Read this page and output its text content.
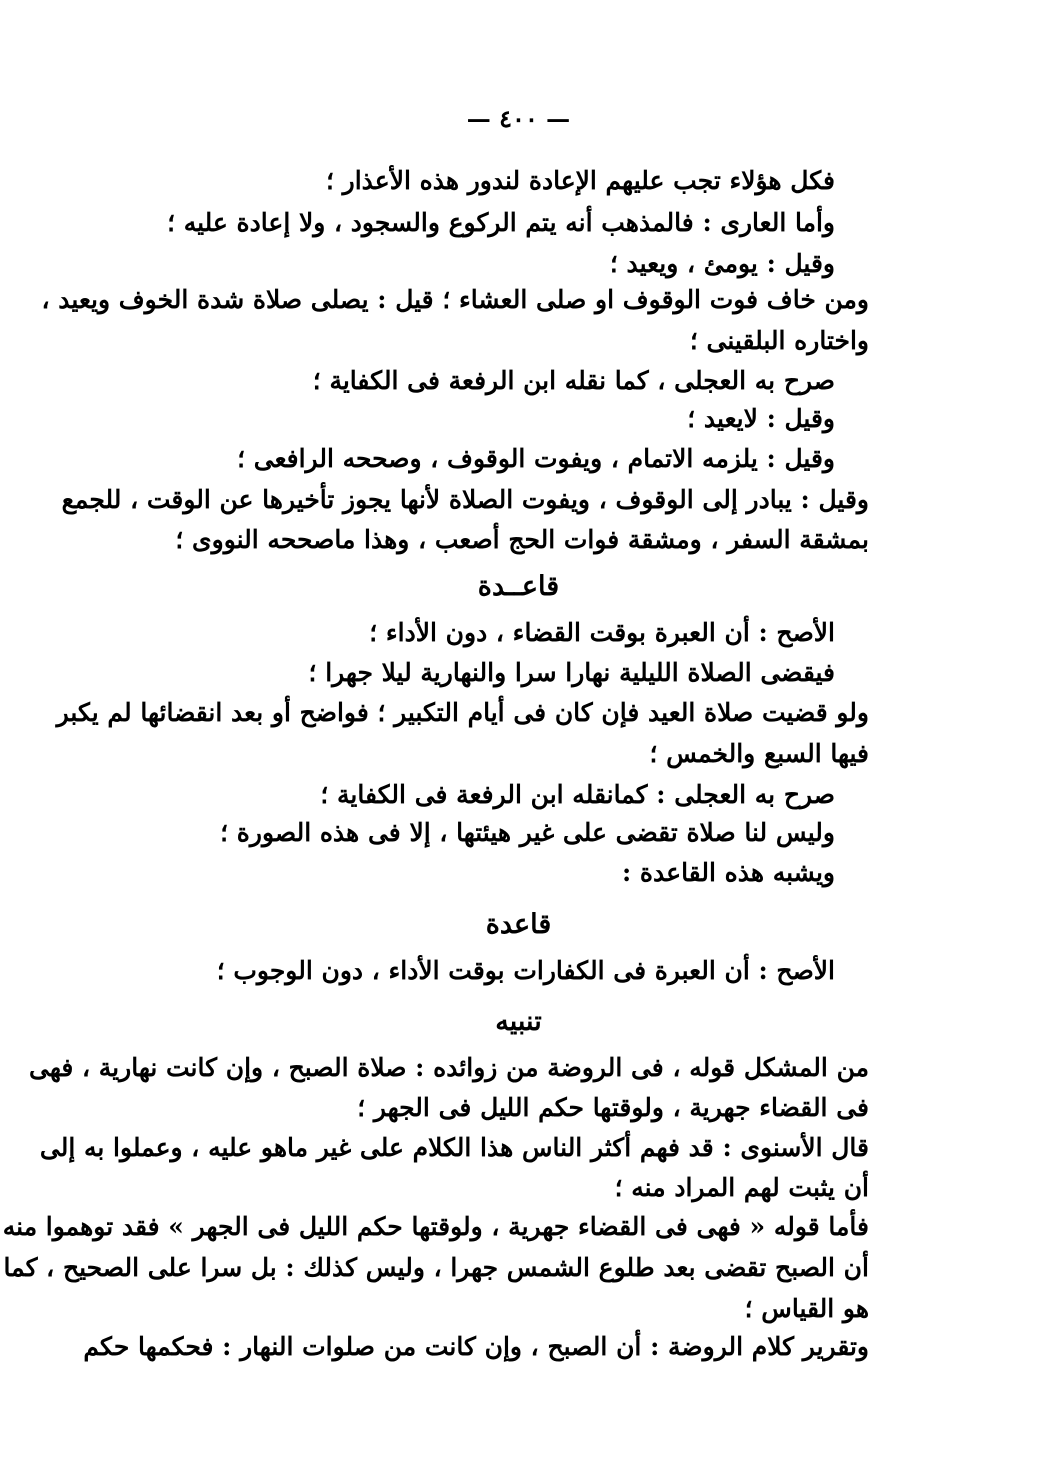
— ٤٠٠ —
فكل هؤلاء تجب عليهم الإعادة لندور هذه الأعذار ؛
وأما العارى : فالمذهب أنه يتم الركوع والسجود ، ولا إعادة عليه ؛
وقيل : يومئ ، ويعيد ؛
ومن خاف فوت الوقوف او صلى العشاء ؛ قيل : يصلى صلاة شدة الخوف ويعيد ،
واختاره البلقينى ؛
صرح به العجلى ، كما نقله ابن الرفعة فى الكفاية ؛
وقيل : لايعيد ؛
وقيل : يلزمه الاتمام ، ويفوت الوقوف ، وصححه الرافعى ؛
وقيل : يبادر إلى الوقوف ، ويفوت الصلاة لأنها يجوز تأخيرها عن الوقت ، للجمع
بمشقة السفر ، ومشقة فوات الحج أصعب ، وهذا ماصححه النووى ؛
قاعــدة
الأصح : أن العبرة بوقت القضاء ، دون الأداء ؛
فيقضى الصلاة الليلية نهارا سرا والنهارية ليلا جهرا ؛
ولو قضيت صلاة العيد فإن كان فى أيام التكبير ؛ فواضح أو بعد انقضائها لم يكبر
فيها السبع والخمس ؛
صرح به العجلى : كمانقله ابن الرفعة فى الكفاية ؛
وليس لنا صلاة تقضى على غير هيئتها ، إلا فى هذه الصورة ؛
ويشبه هذه القاعدة :
قاعدة
الأصح : أن العبرة فى الكفارات بوقت الأداء ، دون الوجوب ؛
تنبيه
من المشكل قوله ، فى الروضة من زوائده : صلاة الصبح ، وإن كانت نهارية ، فهى
فى القضاء جهرية ، ولوقتها حكم الليل فى الجهر ؛
قال الأسنوى : قد فهم أكثر الناس هذا الكلام على غير ماهو عليه ، وعملوا به إلى
أن يثبت لهم المراد منه ؛
فأما قوله « فهى فى القضاء جهرية ، ولوقتها حكم الليل فى الجهر » فقد توهموا منه
أن الصبح تقضى بعد طلوع الشمس جهرا ، وليس كذلك : بل سرا على الصحيح ، كما
هو القياس ؛
وتقرير كلام الروضة : أن الصبح ، وإن كانت من صلوات النهار : فحكمها حكم
